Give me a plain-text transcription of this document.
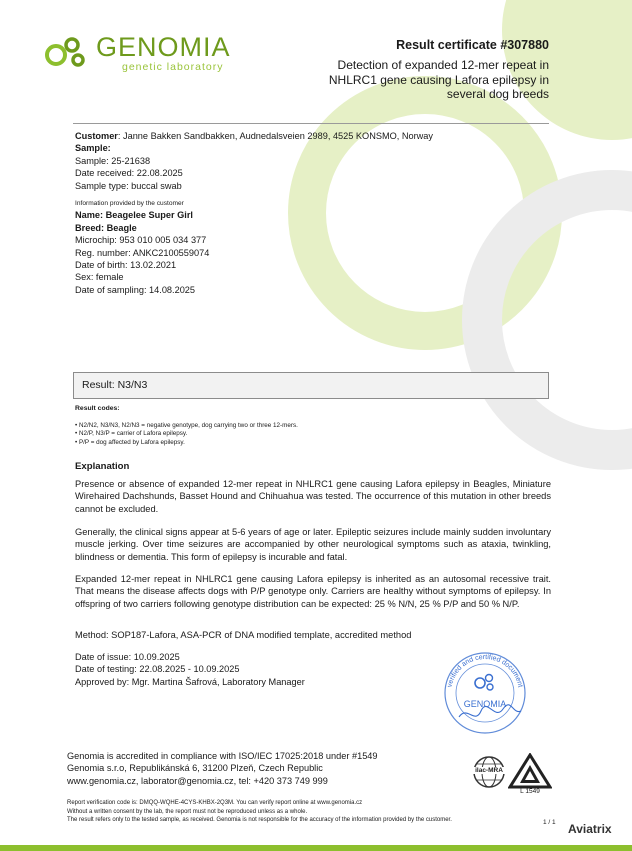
GENOMIA
genetic laboratory
Result certificate #307880
Detection of expanded 12-mer repeat in
NHLRC1 gene causing Lafora epilepsy in
several dog breeds
Customer: Janne Bakken Sandbakken, Audnedalsveien 2989, 4525 KONSMO, Norway
Sample:
Sample: 25-21638
Date received: 22.08.2025
Sample type: buccal swab
Information provided by the customer
Name: Beagelee Super Girl
Breed: Beagle
Microchip: 953 010 005 034 377
Reg. number: ANKC2100559074
Date of birth: 13.02.2021
Sex: female
Date of sampling: 14.08.2025
Result: N3/N3
Result codes:
• N2/N2, N3/N3, N2/N3 = negative genotype, dog carrying two or three 12-mers.
• N2/P, N3/P = carrier of Lafora epilepsy.
• P/P = dog affected by Lafora epilepsy.
Explanation
Presence or absence of expanded 12-mer repeat in NHLRC1 gene causing Lafora epilepsy in Beagles, Miniature Wirehaired Dachshunds, Basset Hound and Chihuahua was tested. The occurrence of this mutation in other breeds cannot be excluded.
Generally, the clinical signs appear at 5-6 years of age or later. Epileptic seizures include mainly sudden involuntary muscle jerking. Over time seizures are accompanied by other neurological symptoms such as ataxia, twinkling, blindness or dementia. This form of epilepsy is incurable and fatal.
Expanded 12-mer repeat in NHLRC1 gene causing Lafora epilepsy is inherited as an autosomal recessive trait. That means the disease affects dogs with P/P genotype only. Carriers are healthy without symptoms of epilepsy. In offspring of two carriers following genotype distribution can be expected: 25 % N/N, 25 % P/P and 50 % N/P.
Method: SOP187-Lafora, ASA-PCR of DNA modified template, accredited method
Date of issue: 10.09.2025
Date of testing: 22.08.2025 - 10.09.2025
Approved by: Mgr. Martina Šafrová, Laboratory Manager	verified and certified document
GENOMIA
Genomia is accredited in compliance with ISO/IEC 17025:2018 under #1549
Genomia s.r.o, Republikánská 6, 31200 Plzeň, Czech Republic
www.genomia.cz, laborator@genomia.cz, tel: +420 373 749 999
ilac-MRA
L 1549
Report verification code is: DMQQ-WQHE-4CYS-KHBX-2Q3M. You can verify report online at www.genomia.cz
Without a written consent by the lab, the report must not be reproduced unless as a whole.
The result refers only to the tested sample, as received. Genomia is not responsible for the accuracy of the information provided by the customer.	1 / 1 Aviatrix
